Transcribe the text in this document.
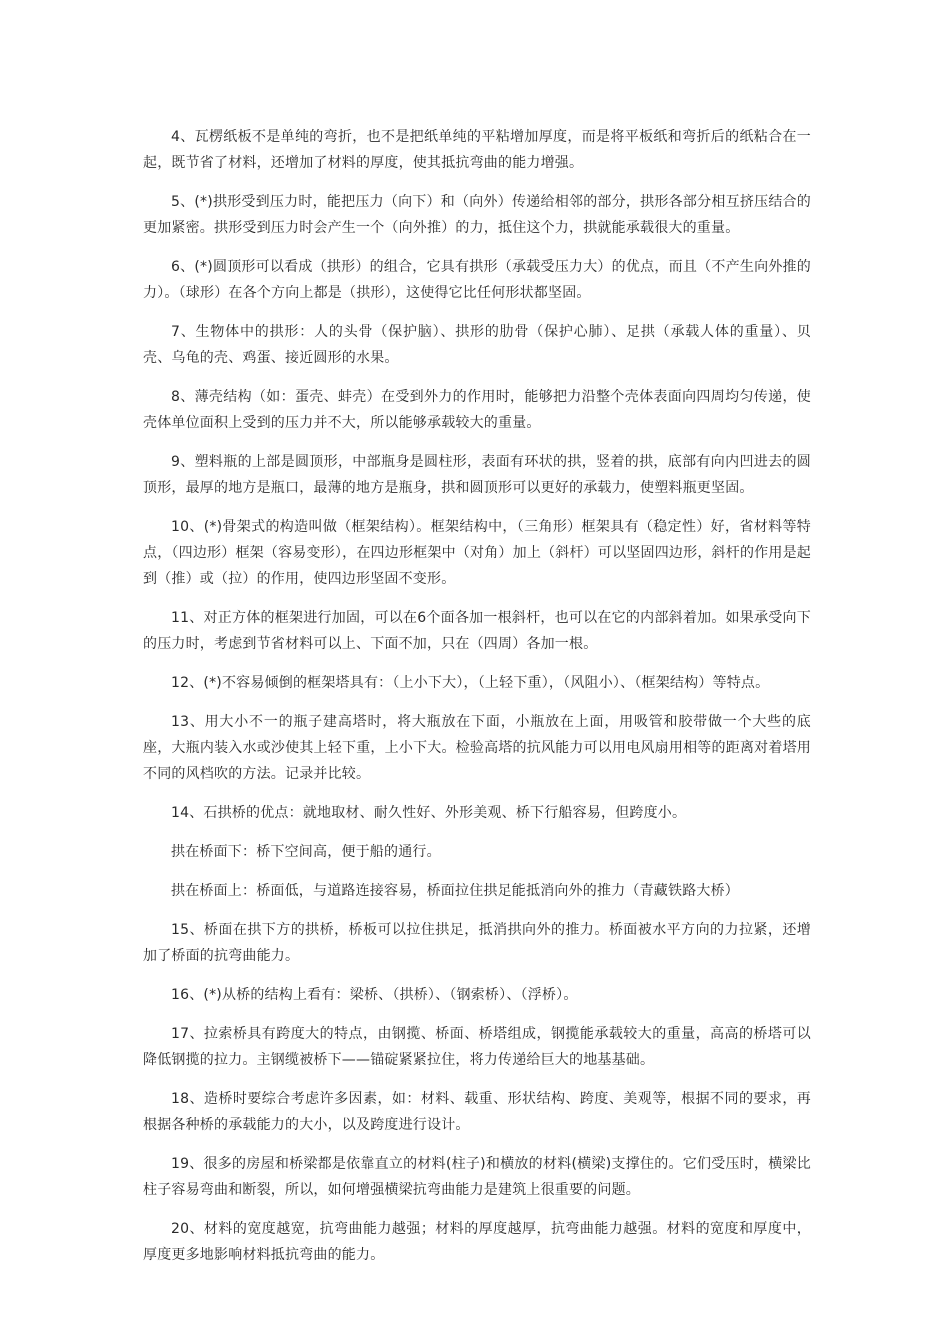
4、瓦楞纸板不是单纯的弯折，也不是把纸单纯的平粘增加厚度，而是将平板纸和弯折后的纸粘合在一起，既节省了材料，还增加了材料的厚度，使其抵抗弯曲的能力增强。

5、(*)拱形受到压力时，能把压力（向下）和（向外）传递给相邻的部分，拱形各部分相互挤压结合的更加紧密。拱形受到压力时会产生一个（向外推）的力，抵住这个力，拱就能承载很大的重量。

6、(*)圆顶形可以看成（拱形）的组合，它具有拱形（承载受压力大）的优点，而且（不产生向外推的力）。（球形）在各个方向上都是（拱形），这使得它比任何形状都坚固。

7、生物体中的拱形：人的头骨（保护脑）、拱形的肋骨（保护心肺）、足拱（承载人体的重量）、贝壳、乌龟的壳、鸡蛋、接近圆形的水果。

8、薄壳结构（如：蛋壳、蚌壳）在受到外力的作用时，能够把力沿整个壳体表面向四周均匀传递，使壳体单位面积上受到的压力并不大，所以能够承载较大的重量。

9、塑料瓶的上部是圆顶形，中部瓶身是圆柱形，表面有环状的拱，竖着的拱，底部有向内凹进去的圆顶形，最厚的地方是瓶口，最薄的地方是瓶身，拱和圆顶形可以更好的承载力，使塑料瓶更坚固。

10、(*)骨架式的构造叫做（框架结构）。框架结构中，（三角形）框架具有（稳定性）好，省材料等特点，（四边形）框架（容易变形），在四边形框架中（对角）加上（斜杆）可以坚固四边形，斜杆的作用是起到（推）或（拉）的作用，使四边形坚固不变形。

11、对正方体的框架进行加固，可以在6个面各加一根斜杆，也可以在它的内部斜着加。如果承受向下的压力时，考虑到节省材料可以上、下面不加，只在（四周）各加一根。

12、(*)不容易倾倒的框架塔具有：（上小下大），（上轻下重），（风阻小）、（框架结构）等特点。

13、用大小不一的瓶子建高塔时，将大瓶放在下面，小瓶放在上面，用吸管和胶带做一个大些的底座，大瓶内装入水或沙使其上轻下重，上小下大。检验高塔的抗风能力可以用电风扇用相等的距离对着塔用不同的风档吹的方法。记录并比较。

14、石拱桥的优点：就地取材、耐久性好、外形美观、桥下行船容易，但跨度小。

拱在桥面下：桥下空间高，便于船的通行。

拱在桥面上：桥面低，与道路连接容易，桥面拉住拱足能抵消向外的推力（青藏铁路大桥）

15、桥面在拱下方的拱桥，桥板可以拉住拱足，抵消拱向外的推力。桥面被水平方向的力拉紧，还增加了桥面的抗弯曲能力。

16、(*)从桥的结构上看有：梁桥、（拱桥）、（钢索桥）、（浮桥）。

17、拉索桥具有跨度大的特点，由钢揽、桥面、桥塔组成，钢揽能承载较大的重量，高高的桥塔可以降低钢揽的拉力。主钢缆被桥下——锚碇紧紧拉住，将力传递给巨大的地基基础。

18、造桥时要综合考虑许多因素，如：材料、载重、形状结构、跨度、美观等，根据不同的要求，再根据各种桥的承载能力的大小，以及跨度进行设计。

19、很多的房屋和桥梁都是依靠直立的材料(柱子)和横放的材料(横梁)支撑住的。它们受压时，横梁比柱子容易弯曲和断裂，所以，如何增强横梁抗弯曲能力是建筑上很重要的问题。

20、材料的宽度越宽，抗弯曲能力越强；材料的厚度越厚，抗弯曲能力越强。材料的宽度和厚度中，厚度更多地影响材料抵抗弯曲的能力。
